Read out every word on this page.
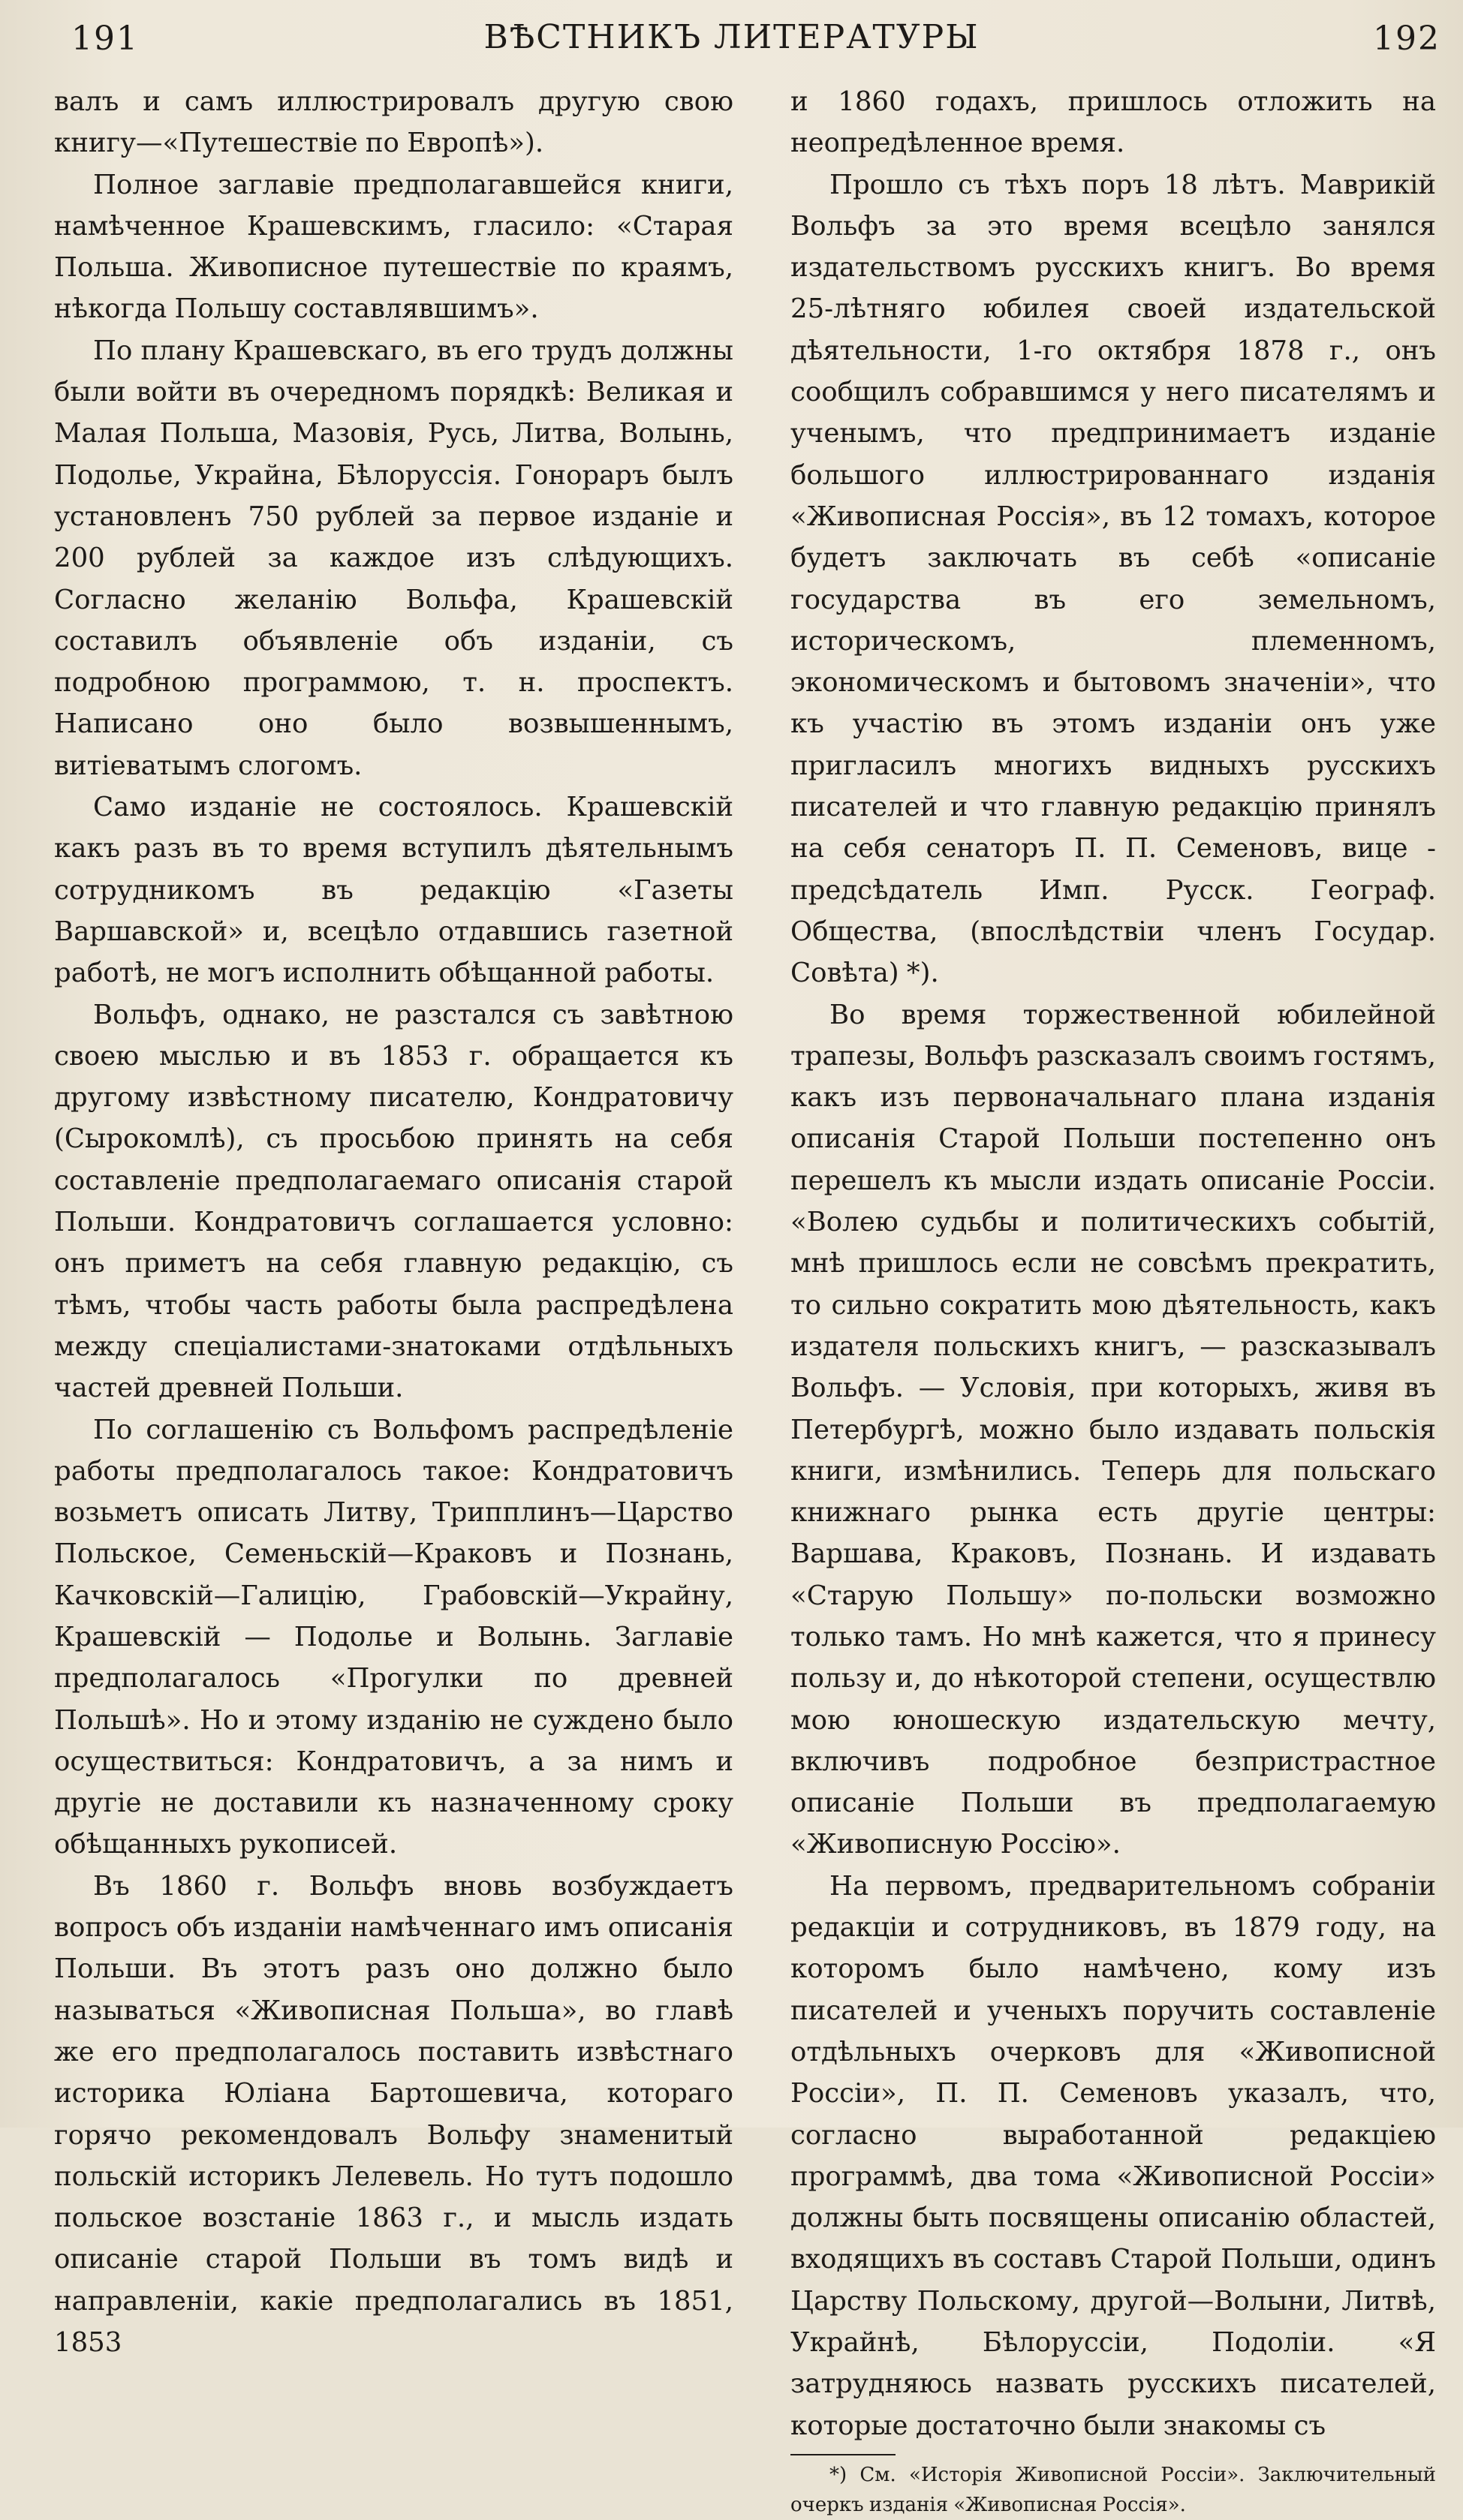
191	ВѢСТНИКЪ ЛИТЕРАТУРЫ	192

валъ и самъ иллюстрировалъ другую свою книгу—«Путешествіе по Европѣ»).

Полное заглавіе предполагавшейся книги, намѣченное Крашевскимъ, гласило: «Старая Польша. Живописное путешествіе по краямъ, нѣкогда Польшу составлявшимъ».

По плану Крашевскаго, въ его трудъ должны были войти въ очередномъ порядкѣ: Великая и Малая Польша, Мазовія, Русь, Литва, Волынь, Подолье, Украйна, Бѣлоруссія. Гонораръ былъ установленъ 750 рублей за первое изданіе и 200 рублей за каждое изъ слѣдующихъ. Согласно желанію Вольфа, Крашевскій составилъ объявленіе объ изданіи, съ подробною программою, т. н. проспектъ. Написано оно было возвышеннымъ, витіеватымъ слогомъ.

Само изданіе не состоялось. Крашевскій какъ разъ въ то время вступилъ дѣятельнымъ сотрудникомъ въ редакцію «Газеты Варшавской» и, всецѣло отдавшись газетной работѣ, не могъ исполнить обѣщанной работы.

Вольфъ, однако, не разстался съ завѣтною своею мыслью и въ 1853 г. обращается къ другому извѣстному писателю, Кондратовичу (Сырокомлѣ), съ просьбою принять на себя составленіе предполагаемаго описанія старой Польши. Кондратовичъ соглашается условно: онъ приметъ на себя главную редакцію, съ тѣмъ, чтобы часть работы была распредѣлена между спеціалистами-знатоками отдѣльныхъ частей древней Польши.

По соглашенію съ Вольфомъ распредѣленіе работы предполагалось такое: Кондратовичъ возьметъ описать Литву, Трипплинъ—Царство Польское, Семеньскій—Краковъ и Познань, Качковскій—Галицію, Грабовскій—Украйну, Крашевскій — Подолье и Волынь. Заглавіе предполагалось «Прогулки по древней Польшѣ». Но и этому изданію не суждено было осуществиться: Кондратовичъ, а за нимъ и другіе не доставили къ назначенному сроку обѣщанныхъ рукописей.

Въ 1860 г. Вольфъ вновь возбуждаетъ вопросъ объ изданіи намѣченнаго имъ описанія Польши. Въ этотъ разъ оно должно было называться «Живописная Польша», во главѣ же его предполагалось поставить извѣстнаго историка Юліана Бартошевича, котораго горячо рекомендовалъ Вольфу знаменитый польскій историкъ Лелевель. Но тутъ подошло польское возстаніе 1863 г., и мысль издать описаніе старой Польши въ томъ видѣ и направленіи, какіе предполагались въ 1851, 1853

и 1860 годахъ, пришлось отложить на неопредѣленное время.

Прошло съ тѣхъ поръ 18 лѣтъ. Маврикій Вольфъ за это время всецѣло занялся издательствомъ русскихъ книгъ. Во время 25-лѣтняго юбилея своей издательской дѣятельности, 1-го октября 1878 г., онъ сообщилъ собравшимся у него писателямъ и ученымъ, что предпринимаетъ изданіе большого иллюстрированнаго изданія «Живописная Россія», въ 12 томахъ, которое будетъ заключать въ себѣ «описаніе государства въ его земельномъ, историческомъ, племенномъ, экономическомъ и бытовомъ значеніи», что къ участію въ этомъ изданіи онъ уже пригласилъ многихъ видныхъ русскихъ писателей и что главную редакцію принялъ на себя сенаторъ П. П. Семеновъ, вице - предсѣдатель Имп. Русск. Географ. Общества, (впослѣдствіи членъ Госудаp. Совѣта) *).

Во время торжественной юбилейной трапезы, Вольфъ разсказалъ своимъ гостямъ, какъ изъ первоначальнаго плана изданія описанія Старой Польши постепенно онъ перешелъ къ мысли издать описаніе Россіи. «Волею судьбы и политическихъ событій, мнѣ пришлось если не совсѣмъ прекратить, то сильно сократить мою дѣятельность, какъ издателя польскихъ книгъ, — разсказывалъ Вольфъ. — Условія, при которыхъ, живя въ Петербургѣ, можно было издавать польскія книги, измѣнились. Теперь для польскаго книжнаго рынка есть другіе центры: Варшава, Краковъ, Познань. И издавать «Старую Польшу» по-польски возможно только тамъ. Но мнѣ кажется, что я принесу пользу и, до нѣкоторой степени, осуществлю мою юношескую издательскую мечту, включивъ подробное безпристрастное описаніе Польши въ предполагаемую «Живописную Россію».

На первомъ, предварительномъ собраніи редакціи и сотрудниковъ, въ 1879 году, на которомъ было намѣчено, кому изъ писателей и ученыхъ поручить составленіе отдѣльныхъ очерковъ для «Живописной Россіи», П. П. Семеновъ указалъ, что, согласно выработанной редакціею программѣ, два тома «Живописной Россіи» должны быть посвящены описанію областей, входящихъ въ составъ Старой Польши, одинъ Царству Польскому, другой—Волыни, Литвѣ, Украйнѣ, Бѣлоруссіи, Подоліи. «Я затрудняюсь назвать русскихъ писателей, которые достаточно были знакомы съ

*) См. «Исторія Живописной Россіи». Заключительный очеркъ изданія «Живописная Россія».
